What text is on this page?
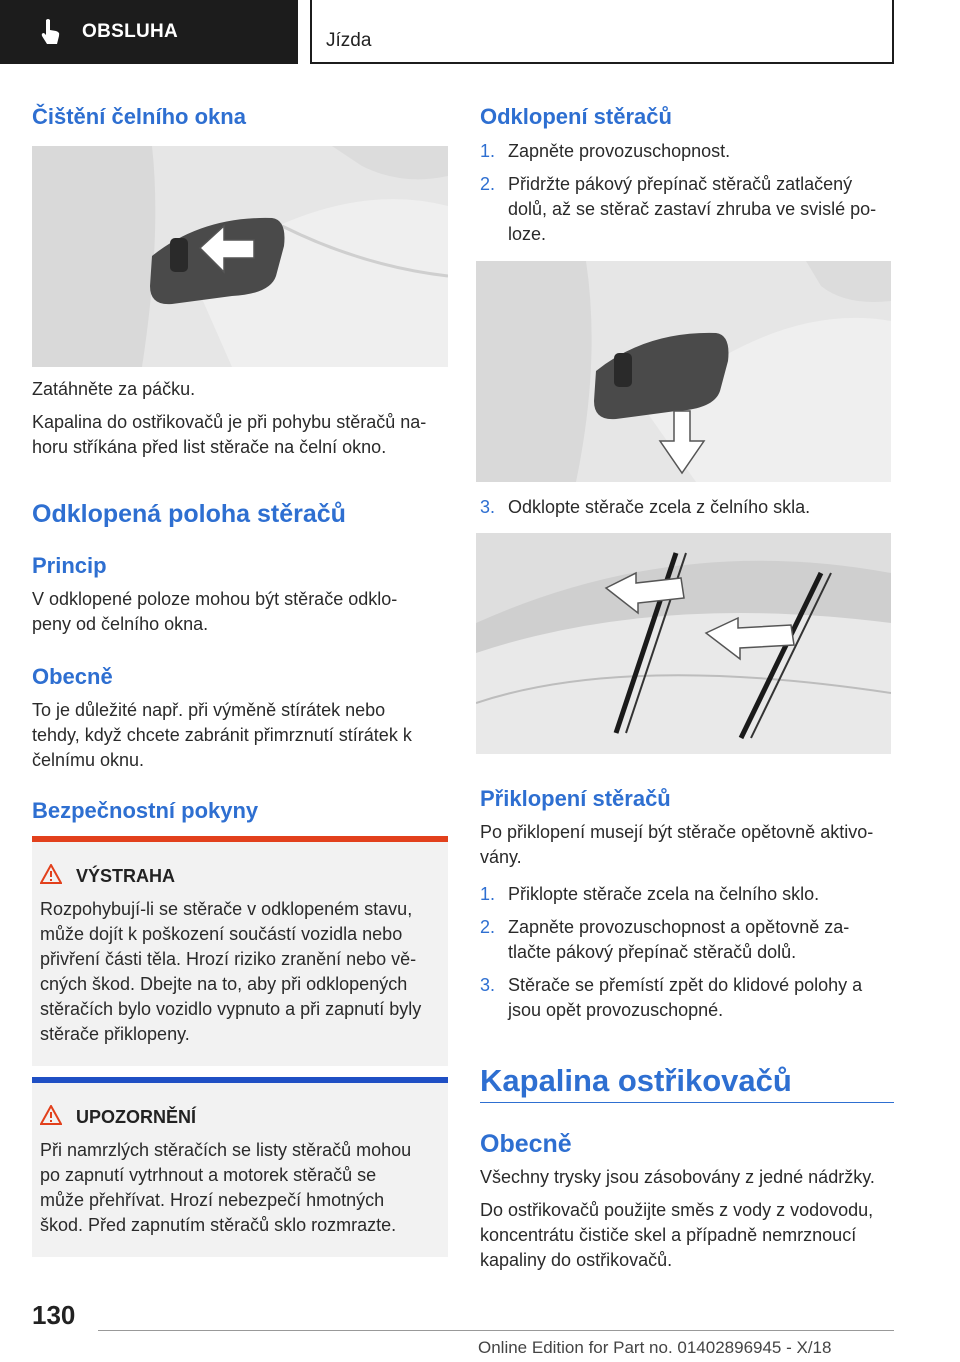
OBSLUHA	Jízda
Čištění čelního okna
Zatáhněte za páčku.
Kapalina do ostřikovačů je při pohybu stěračů na-
horu stříkána před list stěrače na čelní okno.
Odklopená poloha stěračů
Princip
V odklopené poloze mohou být stěrače odklo-
peny od čelního okna.
Obecně
To je důležité např. při výměně stírátek nebo
tehdy, když chcete zabránit přimrznutí stírátek k
čelnímu oknu.
Bezpečnostní pokyny
VÝSTRAHA
Rozpohybují-li se stěrače v odklopeném stavu,
může dojít k poškození součástí vozidla nebo
přivření části těla. Hrozí riziko zranění nebo vě-
cných škod. Dbejte na to, aby při odklopených
stěračích bylo vozidlo vypnuto a při zapnutí byly
stěrače přiklopeny.
UPOZORNĚNÍ
Při namrzlých stěračích se listy stěračů mohou
po zapnutí vytrhnout a motorek stěračů se
může přehřívat. Hrozí nebezpečí hmotných
škod. Před zapnutím stěračů sklo rozmrazte.
Odklopení stěračů
1. Zapněte provozuschopnost.
2. Přidržte pákový přepínač stěračů zatlačený
dolů, až se stěrač zastaví zhruba ve svislé po-
loze.
3. Odklopte stěrače zcela z čelního skla.
Přiklopení stěračů
Po přiklopení musejí být stěrače opětovně aktivo-
vány.
1. Přiklopte stěrače zcela na čelního sklo.
2. Zapněte provozuschopnost a opětovně za-
tlačte pákový přepínač stěračů dolů.
3. Stěrače se přemístí zpět do klidové polohy a
jsou opět provozuschopné.
Kapalina ostřikovačů
Obecně
Všechny trysky jsou zásobovány z jedné nádržky.
Do ostřikovačů použijte směs z vody z vodovodu,
koncentrátu čističe skel a případně nemrznoucí
kapaliny do ostřikovačů.
130
Online Edition for Part no. 01402896945 - X/18
